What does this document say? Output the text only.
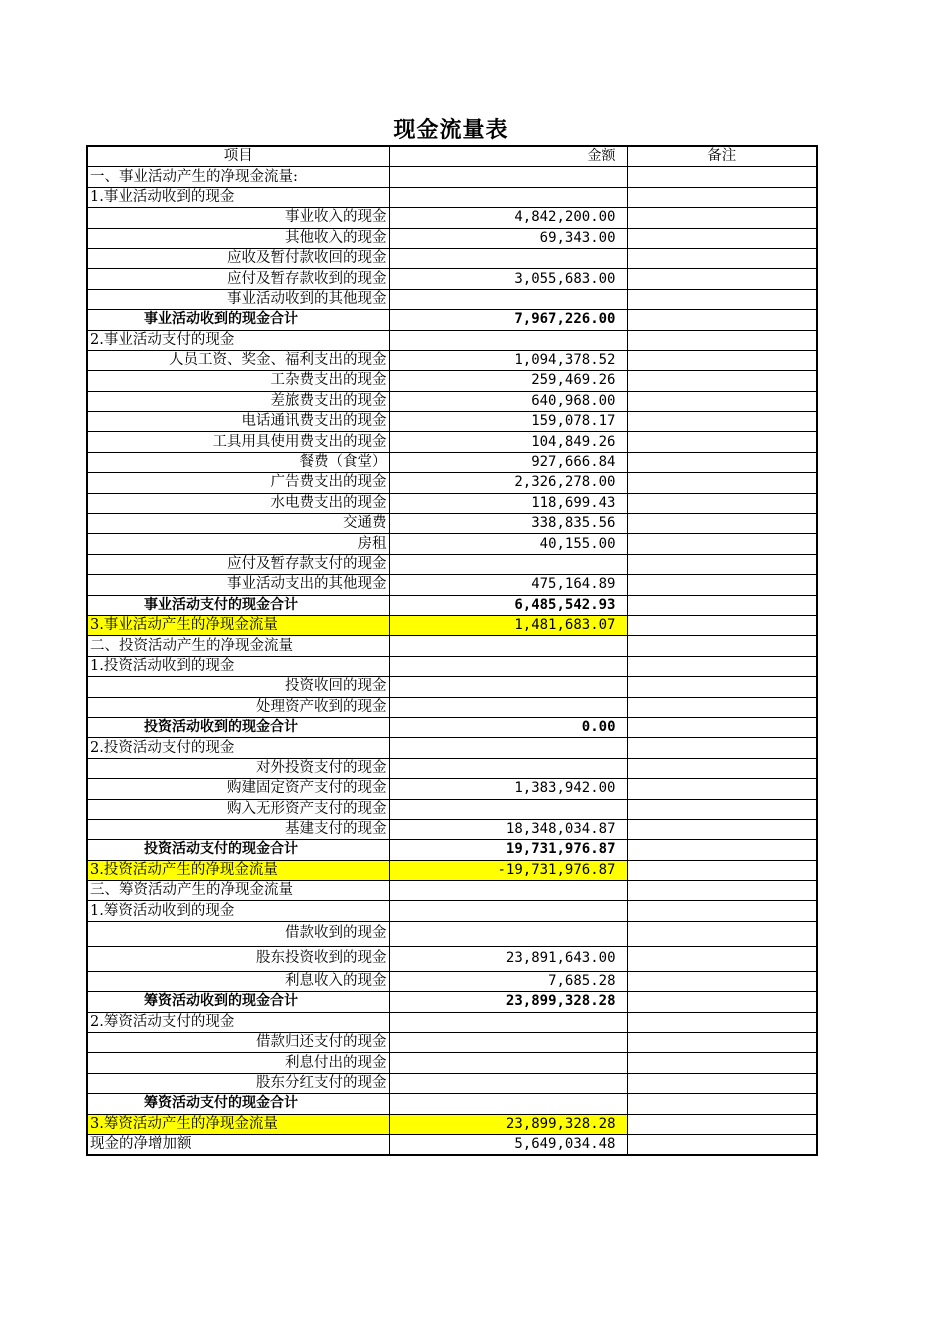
现金流量表
项目	金额	备注
一、事业活动产生的净现金流量:		
1.事业活动收到的现金		
事业收入的现金	4,842,200.00	
其他收入的现金	69,343.00	
应收及暂付款收回的现金		
应付及暂存款收到的现金	3,055,683.00	
事业活动收到的其他现金		
事业活动收到的现金合计	7,967,226.00	
2.事业活动支付的现金		
人员工资、奖金、福利支出的现金	1,094,378.52	
工杂费支出的现金	259,469.26	
差旅费支出的现金	640,968.00	
电话通讯费支出的现金	159,078.17	
工具用具使用费支出的现金	104,849.26	
餐费（食堂）	927,666.84	
广告费支出的现金	2,326,278.00	
水电费支出的现金	118,699.43	
交通费	338,835.56	
房租	40,155.00	
应付及暂存款支付的现金		
事业活动支出的其他现金	475,164.89	
事业活动支付的现金合计	6,485,542.93	
3.事业活动产生的净现金流量	1,481,683.07	
二、投资活动产生的净现金流量		
1.投资活动收到的现金		
投资收回的现金		
处理资产收到的现金		
投资活动收到的现金合计	0.00	
2.投资活动支付的现金		
对外投资支付的现金		
购建固定资产支付的现金	1,383,942.00	
购入无形资产支付的现金		
基建支付的现金	18,348,034.87	
投资活动支付的现金合计	19,731,976.87	
3.投资活动产生的净现金流量	-19,731,976.87	
三、筹资活动产生的净现金流量		
1.筹资活动收到的现金		
借款收到的现金		
股东投资收到的现金	23,891,643.00	
利息收入的现金	7,685.28	
筹资活动收到的现金合计	23,899,328.28	
2.筹资活动支付的现金		
借款归还支付的现金		
利息付出的现金		
股东分红支付的现金		
筹资活动支付的现金合计		
3.筹资活动产生的净现金流量	23,899,328.28	
现金的净增加额	5,649,034.48	
